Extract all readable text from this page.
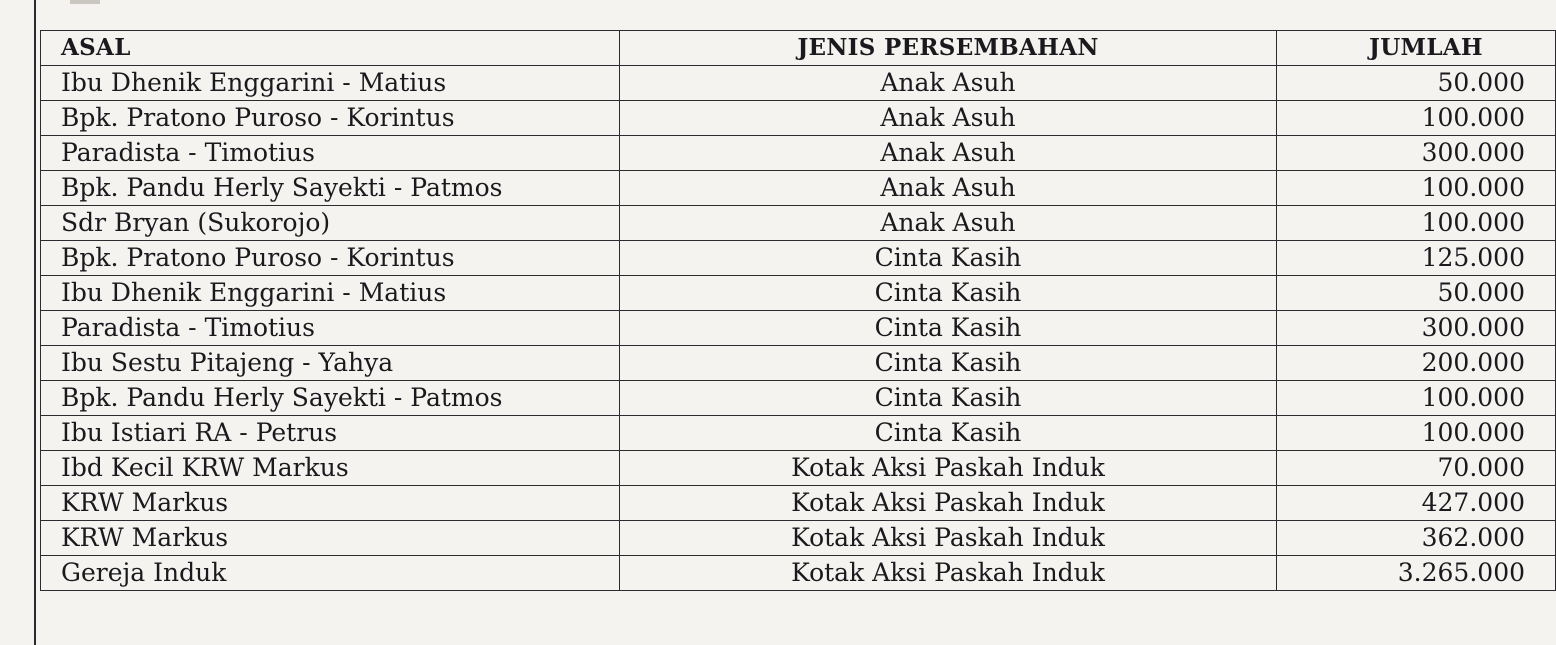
ASAL	JENIS PERSEMBAHAN	JUMLAH
Ibu Dhenik Enggarini - Matius	Anak Asuh	50.000
Bpk. Pratono Puroso - Korintus	Anak Asuh	100.000
Paradista - Timotius	Anak Asuh	300.000
Bpk. Pandu Herly Sayekti - Patmos	Anak Asuh	100.000
Sdr Bryan (Sukorojo)	Anak Asuh	100.000
Bpk. Pratono Puroso - Korintus	Cinta Kasih	125.000
Ibu Dhenik Enggarini - Matius	Cinta Kasih	50.000
Paradista - Timotius	Cinta Kasih	300.000
Ibu Sestu Pitajeng - Yahya	Cinta Kasih	200.000
Bpk. Pandu Herly Sayekti - Patmos	Cinta Kasih	100.000
Ibu Istiari RA - Petrus	Cinta Kasih	100.000
Ibd Kecil KRW Markus	Kotak Aksi Paskah Induk	70.000
KRW Markus	Kotak Aksi Paskah Induk	427.000
KRW Markus	Kotak Aksi Paskah Induk	362.000
Gereja Induk	Kotak Aksi Paskah Induk	3.265.000
